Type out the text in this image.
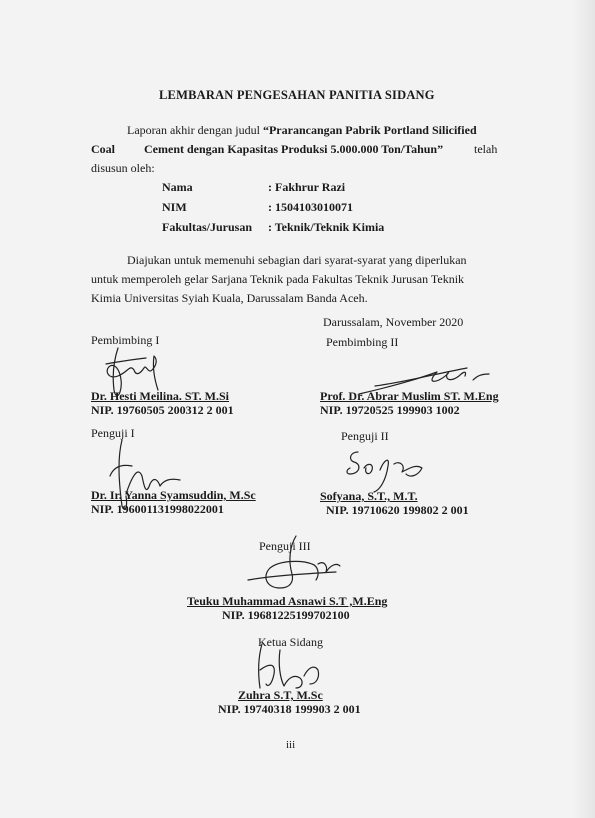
LEMBARAN PENGESAHAN PANITIA SIDANG
Laporan akhir dengan judul “Prarancangan Pabrik Portland Silicified
Coal Cement dengan Kapasitas Produksi 5.000.000 Ton/Tahun”	telah
disusun oleh:
Nama	: Fakhrur Razi
NIM	: 1504103010071
Fakultas/Jurusan : Teknik/Teknik Kimia
Diajukan untuk memenuhi sebagian dari syarat-syarat yang diperlukan
untuk memperoleh gelar Sarjana Teknik pada Fakultas Teknik Jurusan Teknik
Kimia Universitas Syiah Kuala, Darussalam Banda Aceh.
Darussalam, November 2020
Pembimbing I
Dr. Hesti Meilina. ST. M.Si
NIP. 19760505 200312 2 001
Pembimbing II
Prof. Dr. Abrar Muslim ST. M.Eng
NIP. 19720525 199903 1002
Penguji I
Dr. Ir. Yanna Syamsuddin, M.Sc
NIP. 196001131998022001
Penguji II
Sofyana, S.T., M.T.
NIP. 19710620 199802 2 001
Penguji III
Teuku Muhammad Asnawi S.T ,M.Eng
NIP. 19681225199702100
Ketua Sidang
Zuhra S.T, M.Sc
NIP. 19740318 199903 2 001
iii
